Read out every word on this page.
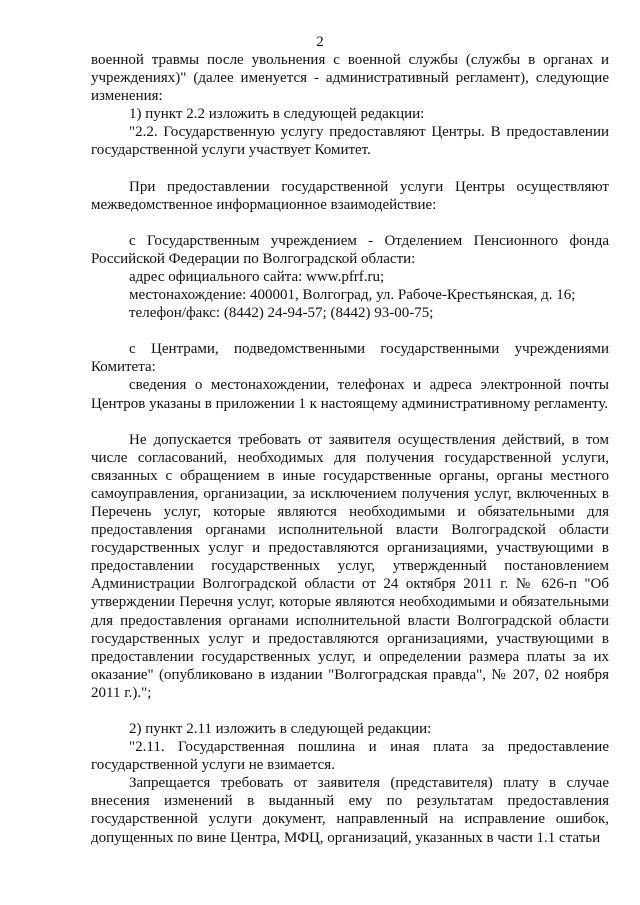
2

военной травмы после увольнения с военной службы (службы в органах и учреждениях)" (далее именуется - административный регламент), следующие изменения:

1) пункт 2.2 изложить в следующей редакции:

"2.2. Государственную услугу предоставляют Центры. В предоставлении государственной услуги участвует Комитет.

При предоставлении государственной услуги Центры осуществляют межведомственное информационное взаимодействие:

с Государственным учреждением - Отделением Пенсионного фонда Российской Федерации по Волгоградской области:

адрес официального сайта: www.pfrf.ru;

местонахождение: 400001, Волгоград, ул. Рабоче-Крестьянская, д. 16;

телефон/факс: (8442) 24-94-57; (8442) 93-00-75;

с Центрами, подведомственными государственными учреждениями Комитета:

сведения о местонахождении, телефонах и адреса электронной почты Центров указаны в приложении 1 к настоящему административному регламенту.

Не допускается требовать от заявителя осуществления действий, в том числе согласований, необходимых для получения государственной услуги, связанных с обращением в иные государственные органы, органы местного самоуправления, организации, за исключением получения услуг, включенных в Перечень услуг, которые являются необходимыми и обязательными для предоставления органами исполнительной власти Волгоградской области государственных услуг и предоставляются организациями, участвующими в предоставлении государственных услуг, утвержденный постановлением Администрации Волгоградской области от 24 октября 2011 г. № 626-п "Об утверждении Перечня услуг, которые являются необходимыми и обязательными для предоставления органами исполнительной власти Волгоградской области государственных услуг и предоставляются организациями, участвующими в предоставлении государственных услуг, и определении размера платы за их оказание" (опубликовано в издании "Волгоградская правда", № 207, 02 ноября 2011 г.).";

2) пункт 2.11 изложить в следующей редакции:

"2.11. Государственная пошлина и иная плата за предоставление государственной услуги не взимается.

Запрещается требовать от заявителя (представителя) плату в случае внесения изменений в выданный ему по результатам предоставления государственной услуги документ, направленный на исправление ошибок, допущенных по вине Центра, МФЦ, организаций, указанных в части 1.1 статьи
